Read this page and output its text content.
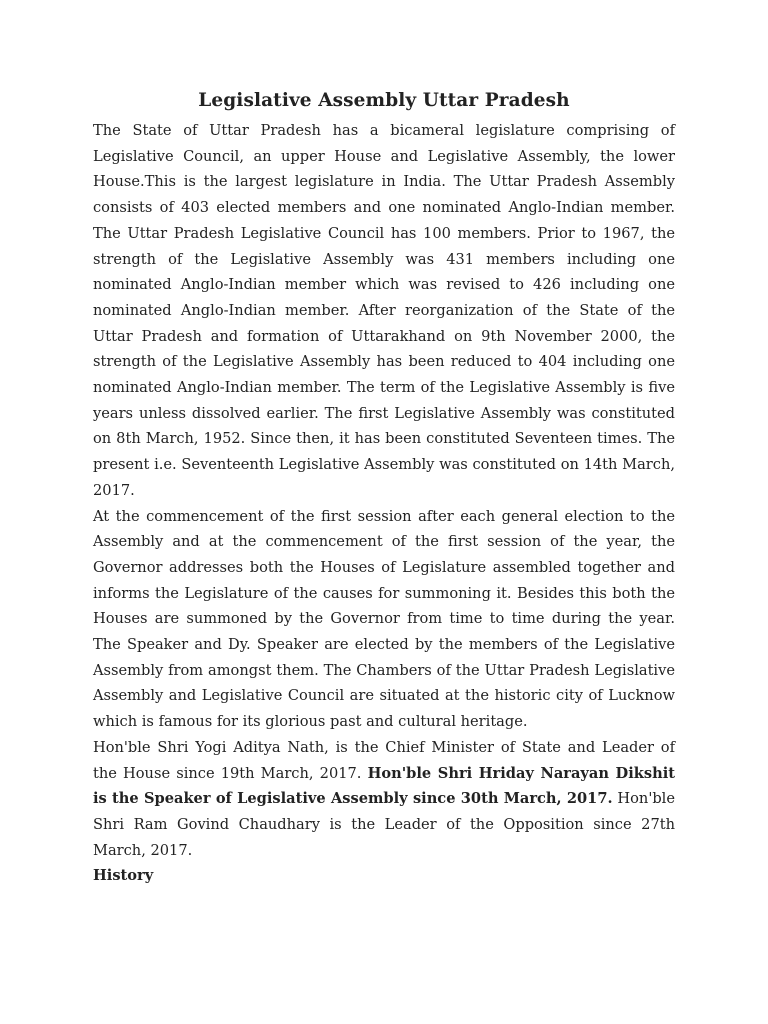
Legislative Assembly Uttar Pradesh

The State of Uttar Pradesh has a bicameral legislature comprising of Legislative Council, an upper House and Legislative Assembly, the lower House.This is the largest legislature in India. The Uttar Pradesh Assembly consists of 403 elected members and one nominated Anglo-Indian member. The Uttar Pradesh Legislative Council has 100 members. Prior to 1967, the strength of the Legislative Assembly was 431 members including one nominated Anglo-Indian member which was revised to 426 including one nominated Anglo-Indian member. After reorganization of the State of the Uttar Pradesh and formation of Uttarakhand on 9th November 2000, the strength of the Legislative Assembly has been reduced to 404 including one nominated Anglo-Indian member. The term of the Legislative Assembly is five years unless dissolved earlier. The first Legislative Assembly was constituted on 8th March, 1952. Since then, it has been constituted Seventeen times. The present i.e. Seventeenth Legislative Assembly was constituted on 14th March, 2017.

At the commencement of the first session after each general election to the Assembly and at the commencement of the first session of the year, the Governor addresses both the Houses of Legislature assembled together and informs the Legislature of the causes for summoning it. Besides this both the Houses are summoned by the Governor from time to time during the year. The Speaker and Dy. Speaker are elected by the members of the Legislative Assembly from amongst them. The Chambers of the Uttar Pradesh Legislative Assembly and Legislative Council are situated at the historic city of Lucknow which is famous for its glorious past and cultural heritage.

Hon'ble Shri Yogi Aditya Nath, is the Chief Minister of State and Leader of the House since 19th March, 2017. Hon'ble Shri Hriday Narayan Dikshit is the Speaker of Legislative Assembly since 30th March, 2017. Hon'ble Shri Ram Govind Chaudhary is the Leader of the Opposition since 27th March, 2017.

History
